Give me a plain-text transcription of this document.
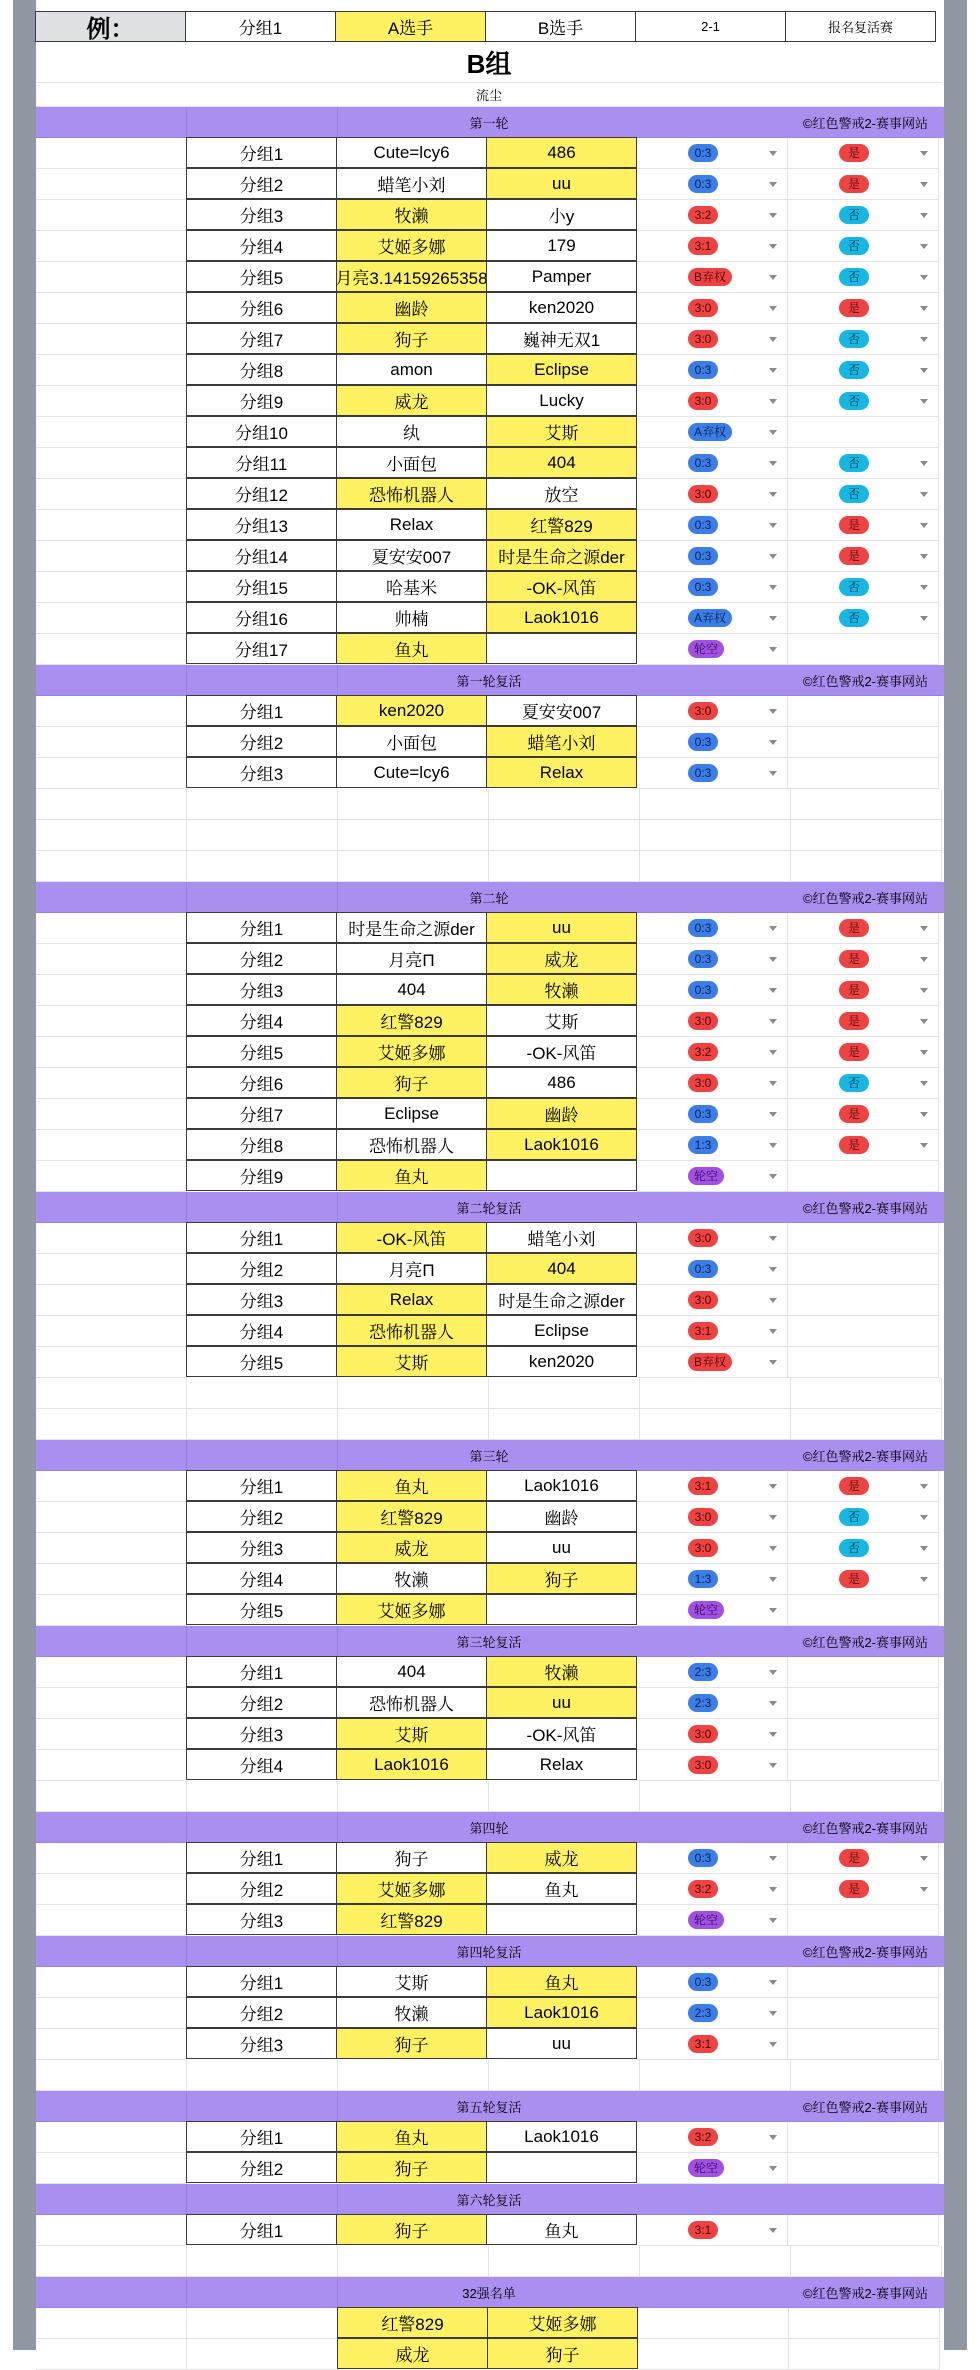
例：	分组1	A选手	B选手	2-1	报名复活赛
B组
流尘
第一轮	©红色警戒2-赛事网站
分组1	Cute=lcy6	486	0:3	是
分组2	蜡笔小刘	uu	0:3	是
分组3	牧濑	小y	3:2	否
分组4	艾姬多娜	179	3:1	否
分组5	月亮3.14159265358	Pamper	B弃权	否
分组6	幽龄	ken2020	3:0	是
分组7	狗子	巍神无双1	3:0	否
分组8	amon	Eclipse	0:3	否
分组9	威龙	Lucky	3:0	否
分组10	纨	艾斯	A弃权
分组11	小面包	404	0:3	否
分组12	恐怖机器人	放空	3:0	否
分组13	Relax	红警829	0:3	是
分组14	夏安安007	时是生命之源der	0:3	是
分组15	哈基米	-OK-风笛	0:3	否
分组16	帅楠	Laok1016	A弃权	否
分组17	鱼丸	轮空
第一轮复活	©红色警戒2-赛事网站
分组1	ken2020	夏安安007	3:0
分组2	小面包	蜡笔小刘	0:3
分组3	Cute=lcy6	Relax	0:3
第二轮	©红色警戒2-赛事网站
分组1	时是生命之源der	uu	0:3	是
分组2	月亮П	威龙	0:3	是
分组3	404	牧濑	0:3	是
分组4	红警829	艾斯	3:0	是
分组5	艾姬多娜	-OK-风笛	3:2	是
分组6	狗子	486	3:0	否
分组7	Eclipse	幽龄	0:3	是
分组8	恐怖机器人	Laok1016	1:3	是
分组9	鱼丸	轮空
第二轮复活	©红色警戒2-赛事网站
分组1	-OK-风笛	蜡笔小刘	3:0
分组2	月亮П	404	0:3
分组3	Relax	时是生命之源der	3:0
分组4	恐怖机器人	Eclipse	3:1
分组5	艾斯	ken2020	B弃权
第三轮	©红色警戒2-赛事网站
分组1	鱼丸	Laok1016	3:1	是
分组2	红警829	幽龄	3:0	否
分组3	威龙	uu	3:0	否
分组4	牧濑	狗子	1:3	是
分组5	艾姬多娜	轮空
第三轮复活	©红色警戒2-赛事网站
分组1	404	牧濑	2:3
分组2	恐怖机器人	uu	2:3
分组3	艾斯	-OK-风笛	3:0
分组4	Laok1016	Relax	3:0
第四轮	©红色警戒2-赛事网站
分组1	狗子	威龙	0:3	是
分组2	艾姬多娜	鱼丸	3:2	是
分组3	红警829	轮空
第四轮复活	©红色警戒2-赛事网站
分组1	艾斯	鱼丸	0:3
分组2	牧濑	Laok1016	2:3
分组3	狗子	uu	3:1
第五轮复活	©红色警戒2-赛事网站
分组1	鱼丸	Laok1016	3:2
分组2	狗子	轮空
第六轮复活
分组1	狗子	鱼丸	3:1
32强名单	©红色警戒2-赛事网站
红警829	艾姬多娜
威龙	狗子
